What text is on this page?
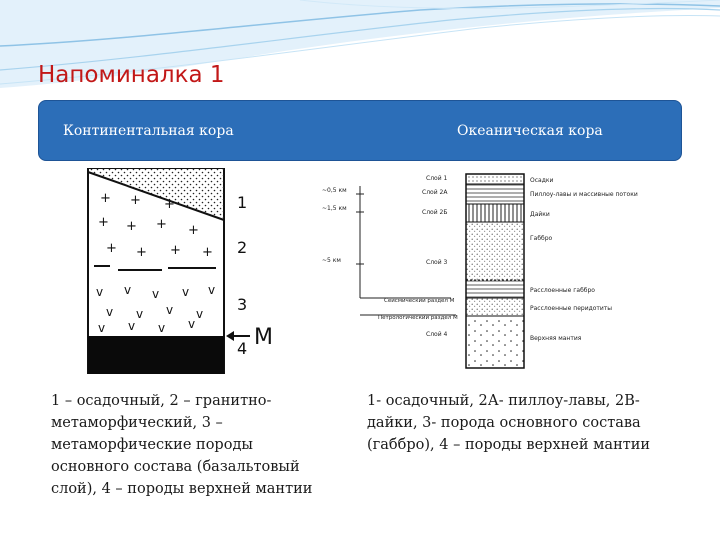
Напоминалка 1
Континентальная кора	Океаническая кора
+ + +
+ + + +
+ + + +
v v v v v
v v v v
v v v v
1
2
3
4 M
~0,5 км
~1,5 км
~5 км
Слой 1
Слой 2А
Слой 2Б
Слой 3
Слой 4
Сейсмический раздел М
Петрологический раздел М
Осадки
Пиллоу-лавы и массивные потоки
Дайки
Габбро
Расслоенные габбро
Расслоенные перидотиты
Верхняя мантия
1 – осадочный, 2 – гранитно-метаморфический, 3 – метаморфические породы основного состава (базальтовый слой), 4 – породы верхней мантии
1- осадочный, 2А- пиллоу-лавы, 2В- дайки, 3- порода основного состава (габбро), 4 – породы верхней мантии
